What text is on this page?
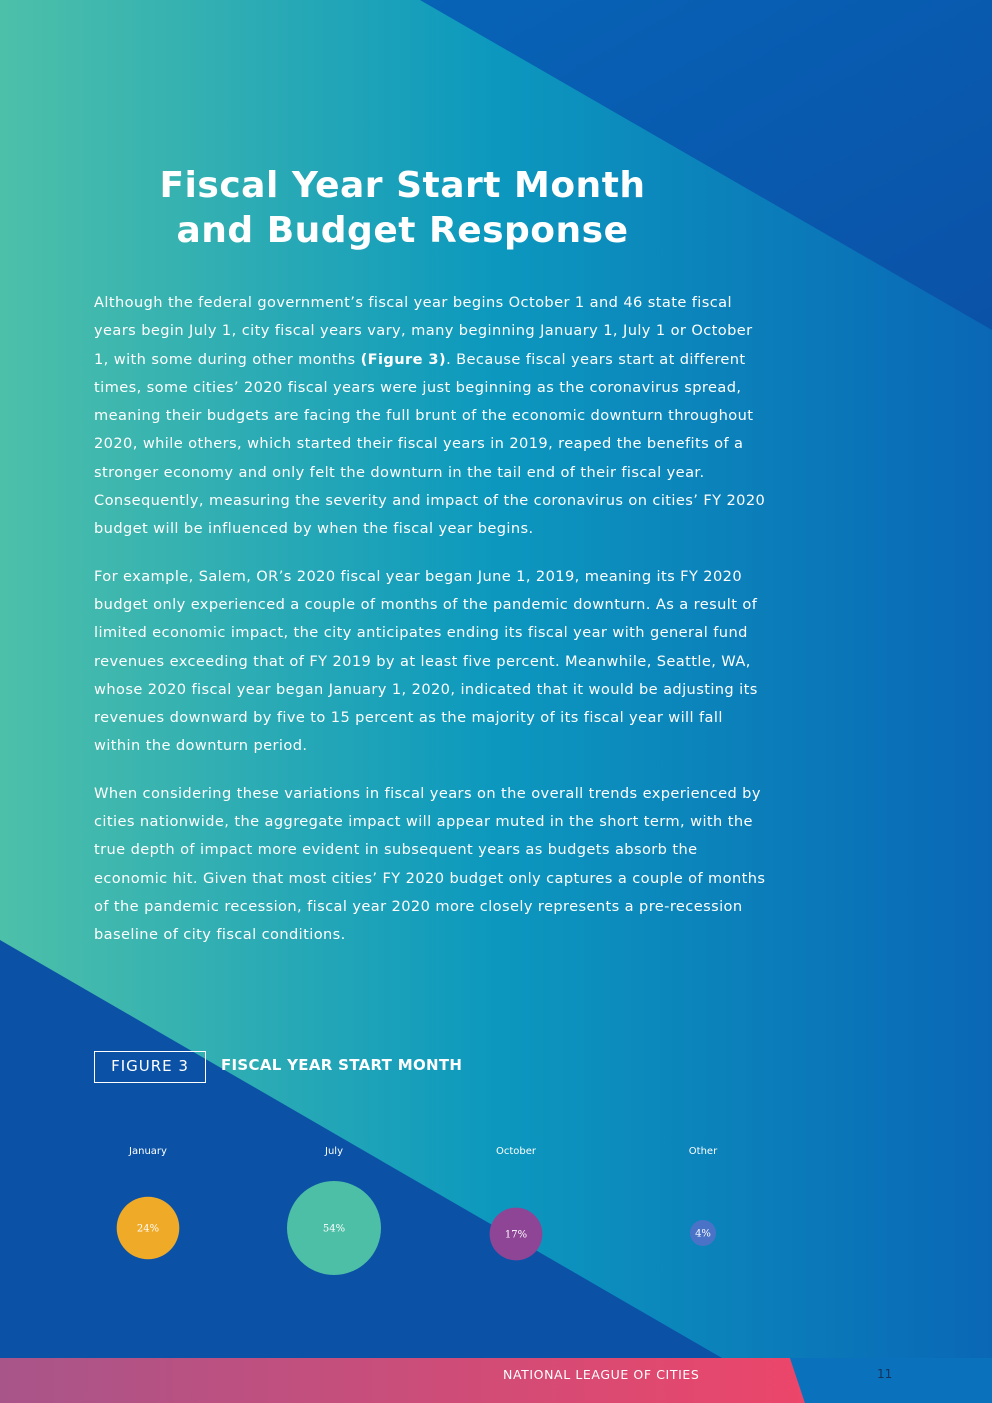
Fiscal Year Start Month
and Budget Response

Although the federal government’s fiscal year begins October 1 and 46 state fiscal years begin July 1, city fiscal years vary, many beginning January 1, July 1 or October 1, with some during other months (Figure 3). Because fiscal years start at different times, some cities’ 2020 fiscal years were just beginning as the coronavirus spread, meaning their budgets are facing the full brunt of the economic downturn throughout 2020, while others, which started their fiscal years in 2019, reaped the benefits of a stronger economy and only felt the downturn in the tail end of their fiscal year. Consequently, measuring the severity and impact of the coronavirus on cities’ FY 2020 budget will be influenced by when the fiscal year begins.

For example, Salem, OR’s 2020 fiscal year began June 1, 2019, meaning its FY 2020 budget only experienced a couple of months of the pandemic downturn. As a result of limited economic impact, the city anticipates ending its fiscal year with general fund revenues exceeding that of FY 2019 by at least five percent. Meanwhile, Seattle, WA, whose 2020 fiscal year began January 1, 2020, indicated that it would be adjusting its revenues downward by five to 15 percent as the majority of its fiscal year will fall within the downturn period.

When considering these variations in fiscal years on the overall trends experienced by cities nationwide, the aggregate impact will appear muted in the short term, with the true depth of impact more evident in subsequent years as budgets absorb the economic hit. Given that most cities’ FY 2020 budget only captures a couple of months of the pandemic recession, fiscal year 2020 more closely represents a pre-recession baseline of city fiscal conditions.

FIGURE 3	FISCAL YEAR START MONTH
January
24%
July
54%
October
17%
Other
4%
NATIONAL LEAGUE OF CITIES	11
